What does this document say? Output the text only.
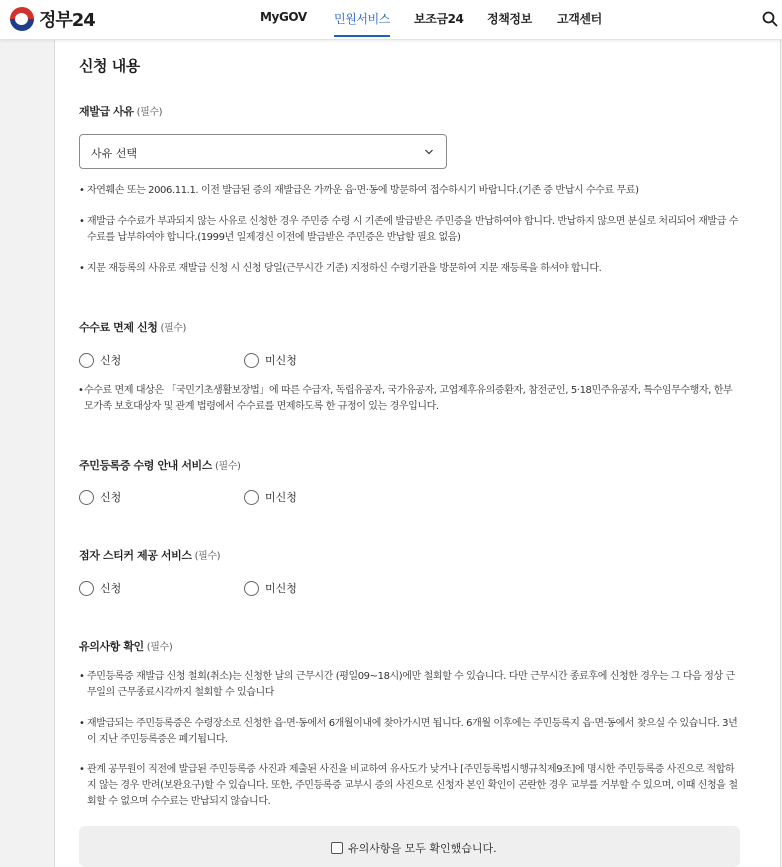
정부24	MyGOV 민원서비스 보조금24 정책정보 고객센터
신청 내용
재발급 사유 (필수)
사유 선택
• 자연훼손 또는 2006.11.1. 이전 발급된 증의 재발급은 가까운 읍·면·동에 방문하여 접수하시기 바랍니다.(기존 증 반납시 수수료 무료)
• 재발급 수수료가 부과되지 않는 사유로 신청한 경우 주민증 수령 시 기존에 발급받은 주민증을 반납하여야 합니다. 반납하지 않으면 분실로 처리되어 재발급 수수료를 납부하여야 합니다.(1999년 일제경신 이전에 발급받은 주민증은 반납할 필요 없음)
• 지문 재등록의 사유로 재발급 신청 시 신청 당일(근무시간 기준) 지정하신 수령기관을 방문하여 지문 재등록을 하셔야 합니다.
수수료 면제 신청 (필수)
신청	미신청
• 수수료 면제 대상은 「국민기초생활보장법」에 따른 수급자, 독립유공자, 국가유공자, 고엽제후유의증환자, 참전군인, 5·18민주유공자, 특수임무수행자, 한부모가족 보호대상자 및 관계 법령에서 수수료를 면제하도록 한 규정이 있는 경우입니다.
주민등록증 수령 안내 서비스 (필수)
신청	미신청
점자 스티커 제공 서비스 (필수)
신청	미신청
유의사항 확인 (필수)
• 주민등록증 재발급 신청 철회(취소)는 신청한 날의 근무시간 (평일09~18시)에만 철회할 수 있습니다. 다만 근무시간 종료후에 신청한 경우는 그 다음 정상 근무일의 근무종료시각까지 철회할 수 있습니다
• 재발급되는 주민등록증은 수령장소로 신청한 읍·면·동에서 6개월이내에 찾아가시면 됩니다. 6개월 이후에는 주민등록지 읍·면·동에서 찾으실 수 있습니다. 3년이 지난 주민등록증은 폐기됩니다.
• 관계 공무원이 직전에 발급된 주민등록증 사진과 제출된 사진을 비교하여 유사도가 낮거나 [주민등록법시행규칙제9조]에 명시한 주민등록증 사진으로 적합하지 않는 경우 반려(보완요구)할 수 있습니다. 또한, 주민등록증 교부시 증의 사진으로 신청자 본인 확인이 곤란한 경우 교부를 거부할 수 있으며, 이때 신청을 철회할 수 없으며 수수료는 반납되지 않습니다.
유의사항을 모두 확인했습니다.
